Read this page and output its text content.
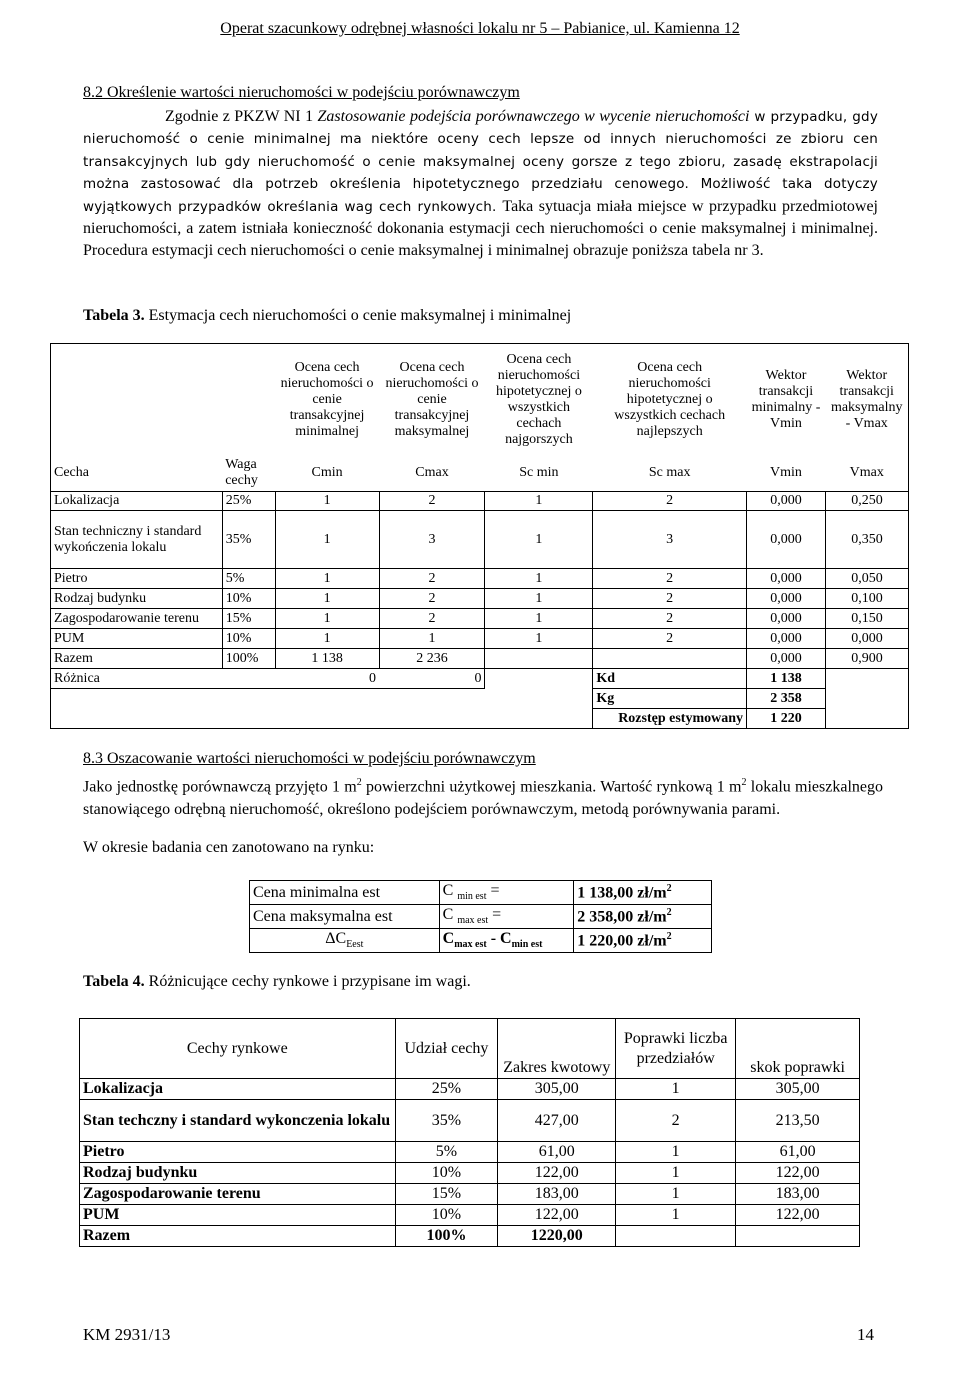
Operat szacunkowy odrębnej własności lokalu nr 5 – Pabianice, ul. Kamienna 12
8.2 Określenie wartości nieruchomości w podejściu porównawczym
Zgodnie z PKZW NI 1 Zastosowanie podejścia porównawczego w wycenie nieruchomości w przypadku, gdy nieruchomość o cenie minimalnej ma niektóre oceny cech lepsze od innych nieruchomości ze zbioru cen transakcyjnych lub gdy nieruchomość o cenie maksymalnej oceny gorsze z tego zbioru, zasadę ekstrapolacji można zastosować dla potrzeb określenia hipotetycznego przedziału cenowego. Możliwość taka dotyczy wyjątkowych przypadków określania wag cech rynkowych. Taka sytuacja miała miejsce w przypadku przedmiotowej nieruchomości, a zatem istniała konieczność dokonania estymacji cech nieruchomości o cenie maksymalnej i minimalnej. Procedura estymacji cech nieruchomości o cenie maksymalnej i minimalnej obrazuje poniższa tabela nr 3.
Tabela 3. Estymacja cech nieruchomości o cenie maksymalnej i minimalnej
		Ocena cech nieruchomości o cenie transakcyjnej minimalnej	Ocena cech nieruchomości o cenie transakcyjnej maksymalnej	Ocena cech nieruchomości hipotetycznej o wszystkich cechach najgorszych	Ocena cech nieruchomości hipotetycznej o wszystkich cechach najlepszych	Wektor transakcji minimalny - Vmin	Wektor transakcji maksymalny - Vmax
Cecha	Waga cechy	Cmin	Cmax	Sc min	Sc max	Vmin	Vmax
Lokalizacja	25%	1	2	1	2	0,000	0,250
Stan techniczny i standard wykończenia lokalu	35%	1	3	1	3	0,000	0,350
Pietro	5%	1	2	1	2	0,000	0,050
Rodzaj budynku	10%	1	2	1	2	0,000	0,100
Zagospodarowanie terenu	15%	1	2	1	2	0,000	0,150
PUM	10%	1	1	1	2	0,000	0,000
Razem	100%	1 138	2 236			0,000	0,900
Różnica		0	0		Kd	1 138	
					Kg	2 358	
					Rozstęp estymowany	1 220	
8.3 Oszacowanie wartości nieruchomości w podejściu porównawczym
Jako jednostkę porównawczą przyjęto 1 $m^2$ powierzchni użytkowej mieszkania. Wartość rynkową 1 $m^2$ lokalu mieszkalnego stanowiącego odrębną nieruchomość, określono podejściem porównawczym, metodą porównywania parami.
W okresie badania cen zanotowano na rynku:
Cena minimalna est	C $_{min est}$ =	1 138,00 $zł/m^2$
Cena maksymalna est	C $_{max est}$ =	2 358,00 $zł/m^2$
$\Delta C_{Eest}$	$C_{max est} - C_{min est}$	1 220,00 $zł/m^2$
Tabela 4. Różnicujące cechy rynkowe i przypisane im wagi.
Cechy rynkowe	Udział cechy	Zakres kwotowy	Poprawki liczba przedziałów	skok poprawki
Lokalizacja	25%	305,00	1	305,00
Stan techczny i standard wykonczenia lokalu	35%	427,00	2	213,50
Pietro	5%	61,00	1	61,00
Rodzaj budynku	10%	122,00	1	122,00
Zagospodarowanie terenu	15%	183,00	1	183,00
PUM	10%	122,00	1	122,00
Razem	100%	1220,00		
KM 2931/13	14
